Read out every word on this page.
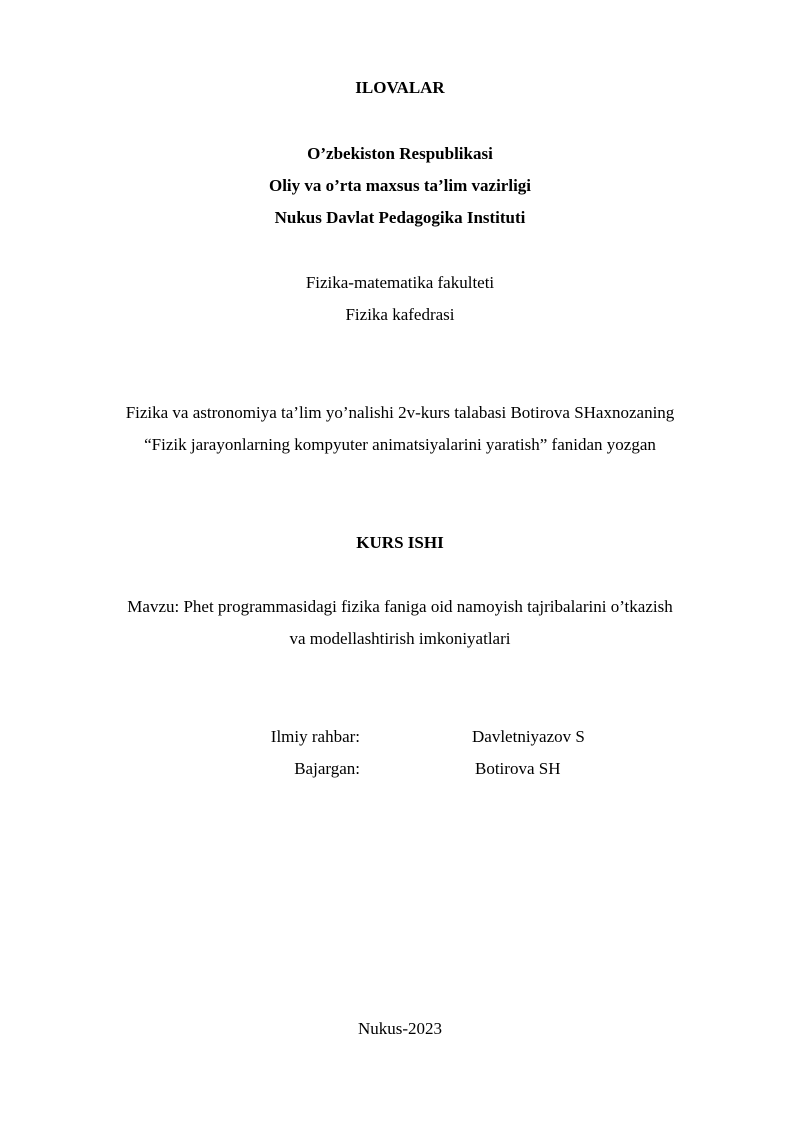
ILOVALAR
O’zbekiston Respublikasi
Oliy va o’rta maxsus ta’lim vazirligi
Nukus Davlat Pedagogika Instituti
Fizika-matematika fakulteti
Fizika kafedrasi
Fizika va astronomiya ta’lim yo’nalishi 2v-kurs talabasi Botirova SHaxnozaning
“Fizik jarayonlarning kompyuter animatsiyalarini yaratish” fanidan yozgan
KURS ISHI
Mavzu: Phet programmasidagi fizika faniga oid namoyish tajribalarini o’tkazish
va modellashtirish imkoniyatlari
Ilmiy rahbar:	Davletniyazov S
Bajargan:	Botirova SH
Nukus-2023
